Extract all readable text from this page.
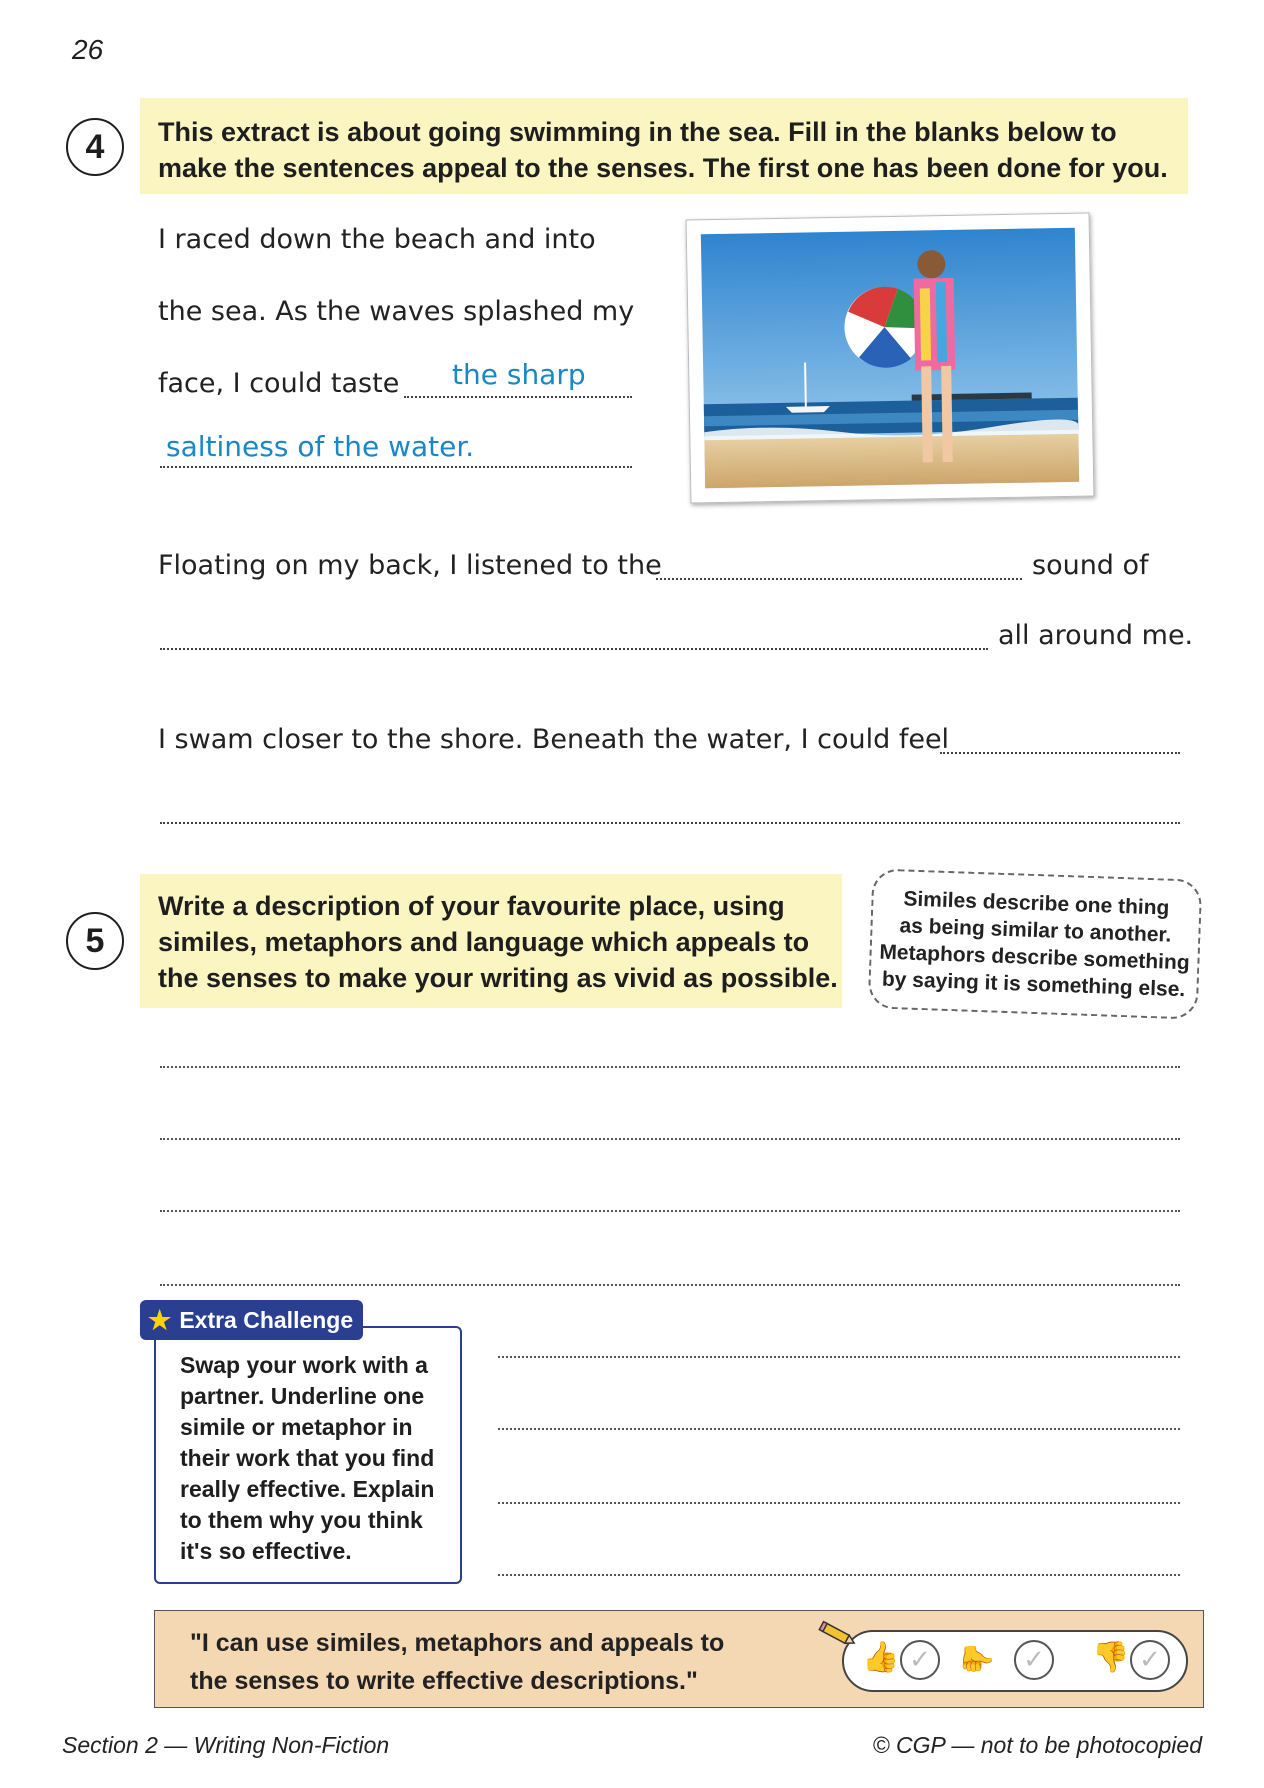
26
4	This extract is about going swimming in the sea. Fill in the blanks below to
make the sentences appeal to the senses. The first one has been done for you.
I raced down the beach and into
the sea. As the waves splashed my
face, I could taste the sharp
saltiness of the water.
Floating on my back, I listened to the	sound of
all around me.
I swam closer to the shore. Beneath the water, I could feel
5
Write a description of your favourite place, using
similes, metaphors and language which appeals to
the senses to make your writing as vivid as possible.
Similes describe one thing
as being similar to another.
Metaphors describe something
by saying it is something else.
Swap your work with a
partner. Underline one
simile or metaphor in
their work that you find
really effective. Explain
to them why you think
it's so effective.
★ Extra Challenge
"I can use similes, metaphors and appeals to
the senses to write effective descriptions."
👍 ✓	👍	✓	👎 ✓
Section 2 — Writing Non-Fiction	© CGP — not to be photocopied
